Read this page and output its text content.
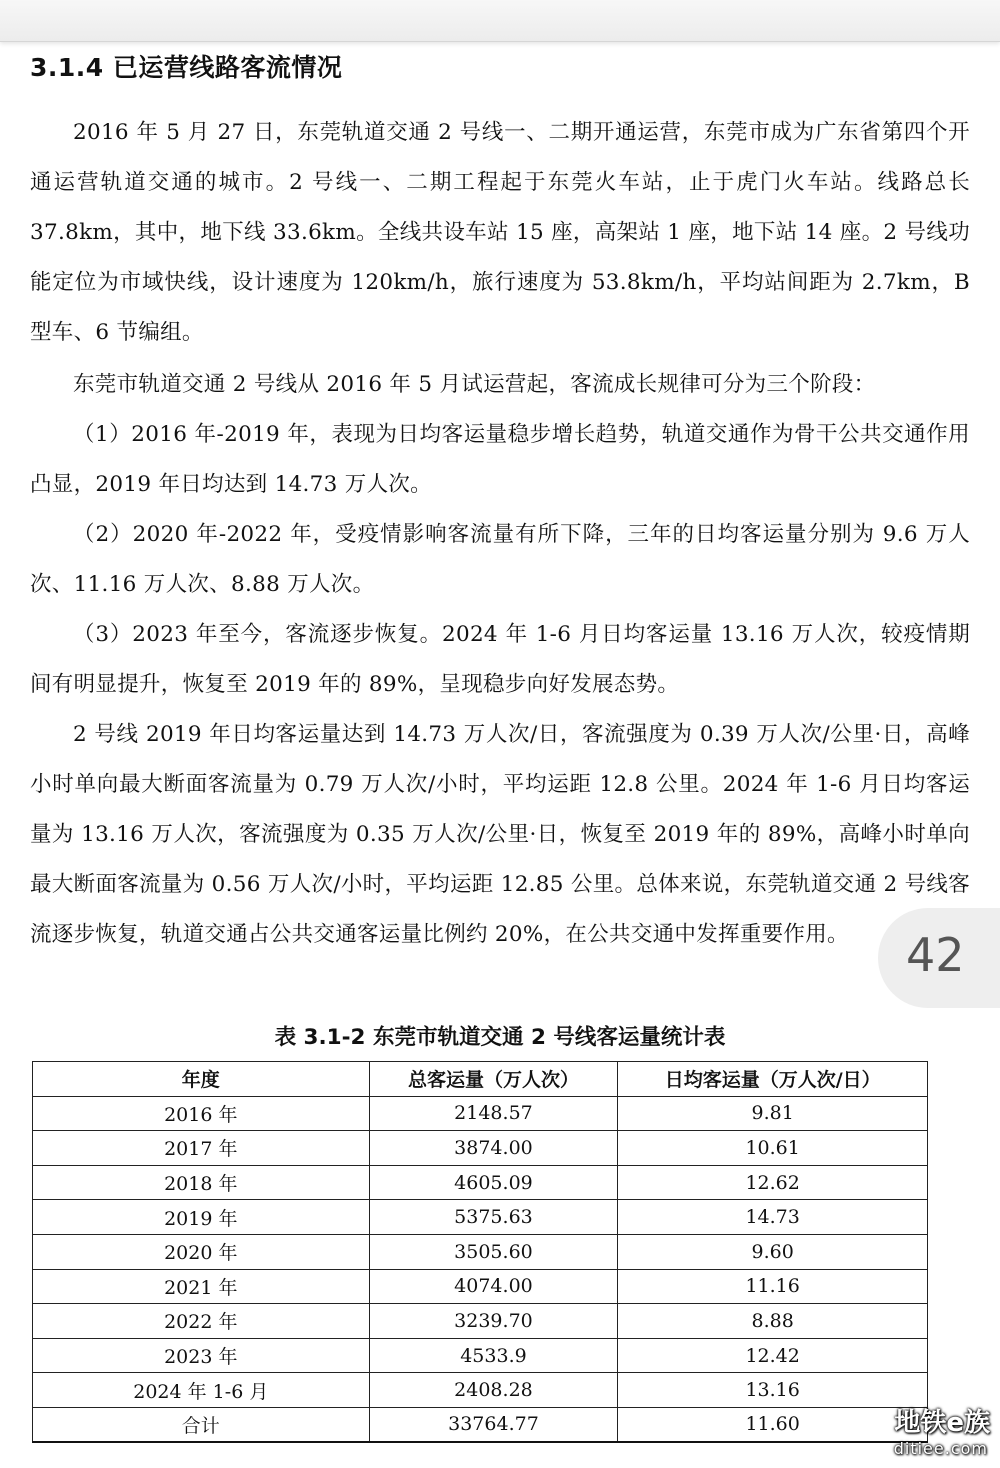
3.1.4 已运营线路客流情况

2016 年 5 月 27 日，东莞轨道交通 2 号线一、二期开通运营，东莞市成为广东省第四个开通运营轨道交通的城市。2 号线一、二期工程起于东莞火车站，止于虎门火车站。线路总长 37.8km，其中，地下线 33.6km。全线共设车站 15 座，高架站 1 座，地下站 14 座。2 号线功能定位为市域快线，设计速度为 120km/h，旅行速度为 53.8km/h，平均站间距为 2.7km，B 型车、6 节编组。

东莞市轨道交通 2 号线从 2016 年 5 月试运营起，客流成长规律可分为三个阶段：

（1）2016 年-2019 年，表现为日均客运量稳步增长趋势，轨道交通作为骨干公共交通作用凸显，2019 年日均达到 14.73 万人次。

（2）2020 年-2022 年，受疫情影响客流量有所下降，三年的日均客运量分别为 9.6 万人次、11.16 万人次、8.88 万人次。

（3）2023 年至今，客流逐步恢复。2024 年 1-6 月日均客运量 13.16 万人次，较疫情期间有明显提升，恢复至 2019 年的 89%，呈现稳步向好发展态势。

2 号线 2019 年日均客运量达到 14.73 万人次/日，客流强度为 0.39 万人次/公里·日，高峰小时单向最大断面客流量为 0.79 万人次/小时，平均运距 12.8 公里。2024 年 1-6 月日均客运量为 13.16 万人次，客流强度为 0.35 万人次/公里·日，恢复至 2019 年的 89%，高峰小时单向最大断面客流量为 0.56 万人次/小时，平均运距 12.85 公里。总体来说，东莞轨道交通 2 号线客流逐步恢复，轨道交通占公共交通客运量比例约 20%，在公共交通中发挥重要作用。	42
表 3.1-2 东莞市轨道交通 2 号线客运量统计表
年度	总客运量（万人次）	日均客运量（万人次/日）
2016 年	2148.57	9.81
2017 年	3874.00	10.61
2018 年	4605.09	12.62
2019 年	5375.63	14.73
2020 年	3505.60	9.60
2021 年	4074.00	11.16
2022 年	3239.70	8.88
2023 年	4533.9	12.42
2024 年 1-6 月	2408.28	13.16
合计	33764.77	11.60	地铁e族
ditiee.com
